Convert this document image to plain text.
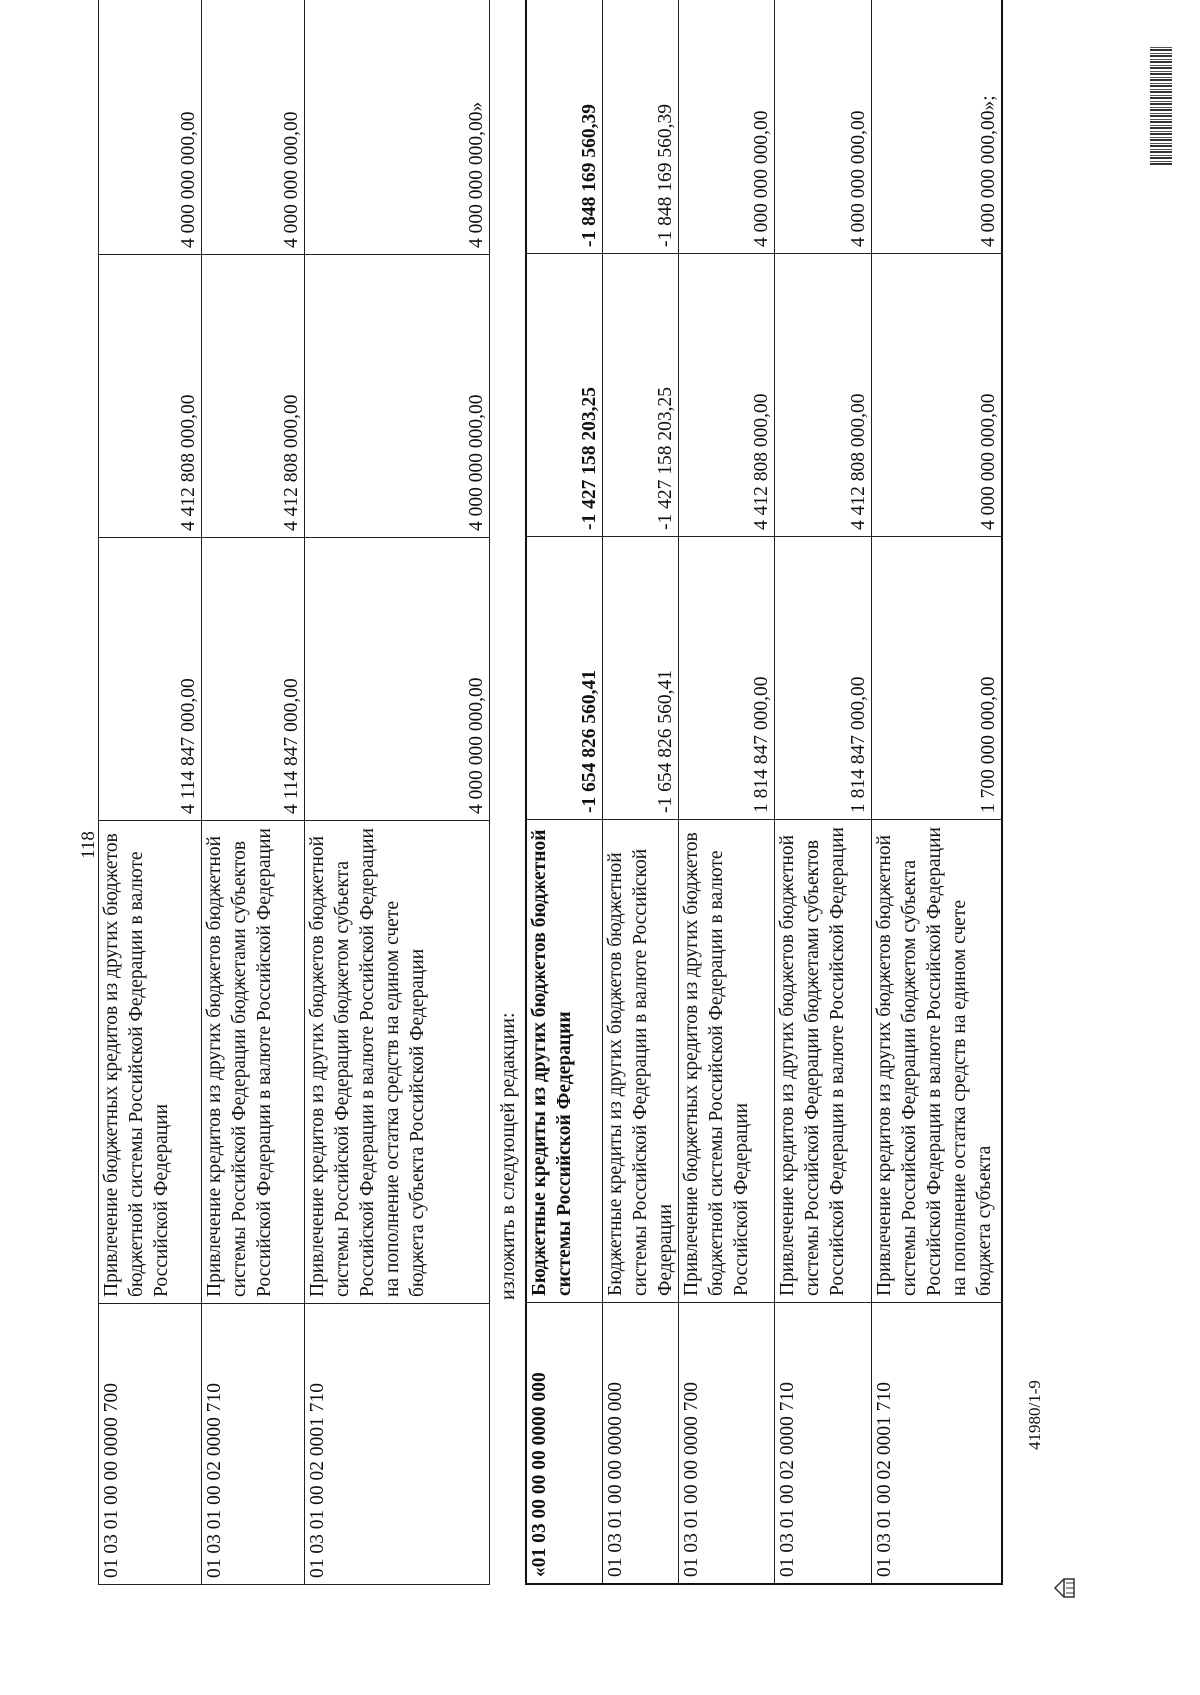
118
01 03 01 00 00 0000 700	Привлечение бюджетных кредитов из других бюджетов бюджетной системы Российской Федерации в валюте Российской Федерации	4 114 847 000,00	4 412 808 000,00	4 000 000 000,00
01 03 01 00 02 0000 710	Привлечение кредитов из других бюджетов бюджетной системы Российской Федерации бюджетами субъектов Российской Федерации в валюте Российской Федерации	4 114 847 000,00	4 412 808 000,00	4 000 000 000,00
01 03 01 00 02 0001 710	Привлечение кредитов из других бюджетов бюджетной системы Российской Федерации бюджетом субъекта Российской Федерации в валюте Российской Федерации на пополнение остатка средств на едином счете бюджета субъекта Российской Федерации	4 000 000 000,00	4 000 000 000,00	4 000 000 000,00»
изложить в следующей редакции:
«01 03 00 00 00 0000 000	Бюджетные кредиты из других бюджетов бюджетной системы Российской Федерации	-1 654 826 560,41	-1 427 158 203,25	-1 848 169 560,39
01 03 01 00 00 0000 000	Бюджетные кредиты из других бюджетов бюджетной системы Российской Федерации в валюте Российской Федерации	-1 654 826 560,41	-1 427 158 203,25	-1 848 169 560,39
01 03 01 00 00 0000 700	Привлечение бюджетных кредитов из других бюджетов бюджетной системы Российской Федерации в валюте Российской Федерации	1 814 847 000,00	4 412 808 000,00	4 000 000 000,00
01 03 01 00 02 0000 710	Привлечение кредитов из других бюджетов бюджетной системы Российской Федерации бюджетами субъектов Российской Федерации в валюте Российской Федерации	1 814 847 000,00	4 412 808 000,00	4 000 000 000,00
01 03 01 00 02 0001 710	Привлечение кредитов из других бюджетов бюджетной системы Российской Федерации бюджетом субъекта Российской Федерации в валюте Российской Федерации на пополнение остатка средств на едином счете бюджета субъекта	1 700 000 000,00	4 000 000 000,00	4 000 000 000,00»;
41980/1-9
